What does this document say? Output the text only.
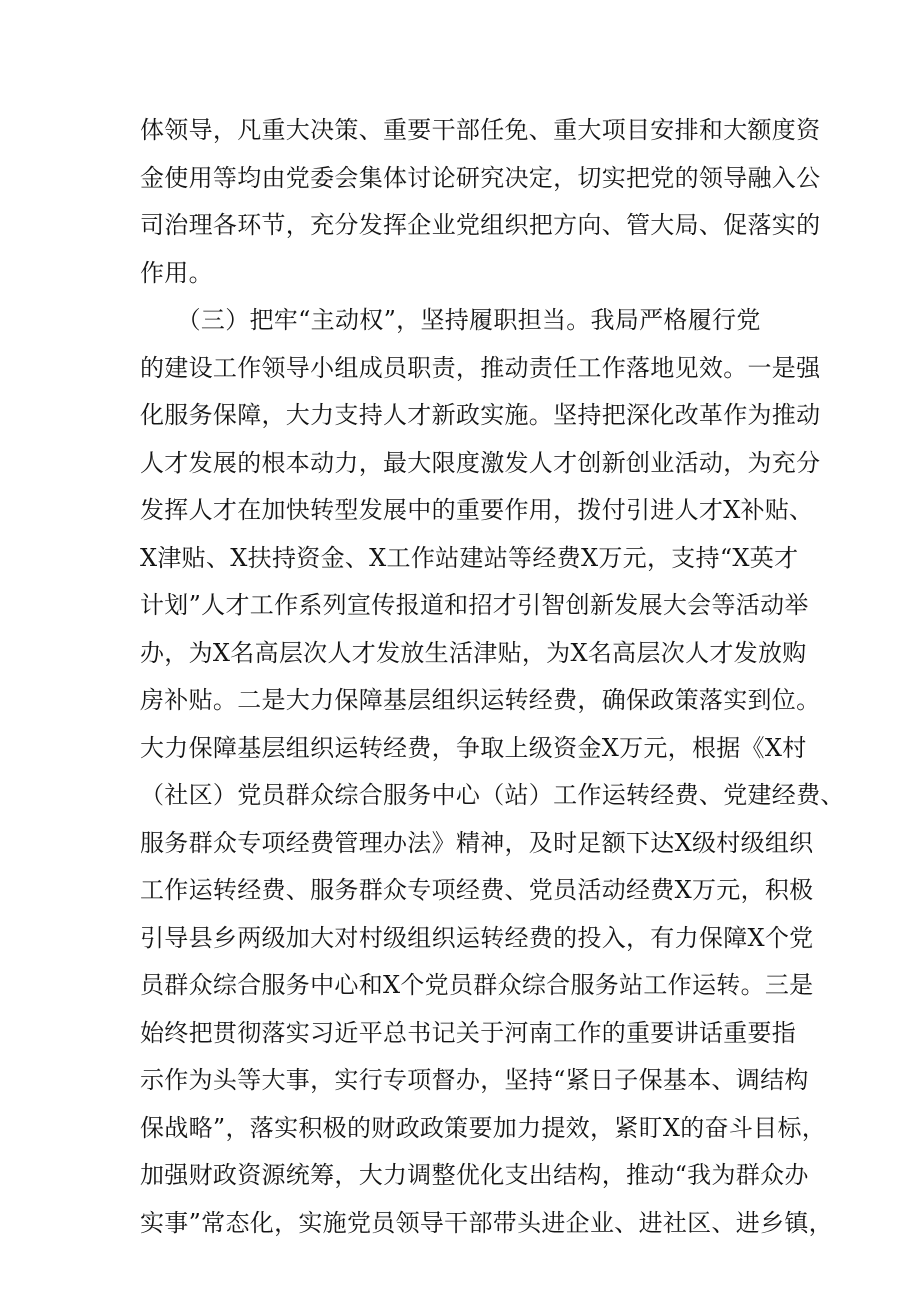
体领导，凡重大决策、重要干部任免、重大项目安排和大额度资
金使用等均由党委会集体讨论研究决定，切实把党的领导融入公
司治理各环节，充分发挥企业党组织把方向、管大局、促落实的
作用。
　　（三）把牢“主动权”，坚持履职担当。我局严格履行党
的建设工作领导小组成员职责，推动责任工作落地见效。一是强
化服务保障，大力支持人才新政实施。坚持把深化改革作为推动
人才发展的根本动力，最大限度激发人才创新创业活动，为充分
发挥人才在加快转型发展中的重要作用，拨付引进人才X补贴、
X津贴、X扶持资金、X工作站建站等经费X万元，支持“X英才
计划”人才工作系列宣传报道和招才引智创新发展大会等活动举
办，为X名高层次人才发放生活津贴，为X名高层次人才发放购
房补贴。二是大力保障基层组织运转经费，确保政策落实到位。
大力保障基层组织运转经费，争取上级资金X万元，根据《X村
（社区）党员群众综合服务中心（站）工作运转经费、党建经费、
服务群众专项经费管理办法》精神，及时足额下达X级村级组织
工作运转经费、服务群众专项经费、党员活动经费X万元，积极
引导县乡两级加大对村级组织运转经费的投入，有力保障X个党
员群众综合服务中心和X个党员群众综合服务站工作运转。三是
始终把贯彻落实习近平总书记关于河南工作的重要讲话重要指
示作为头等大事，实行专项督办，坚持“紧日子保基本、调结构
保战略”，落实积极的财政政策要加力提效，紧盯X的奋斗目标，
加强财政资源统筹，大力调整优化支出结构，推动“我为群众办
实事”常态化，实施党员领导干部带头进企业、进社区、进乡镇，
